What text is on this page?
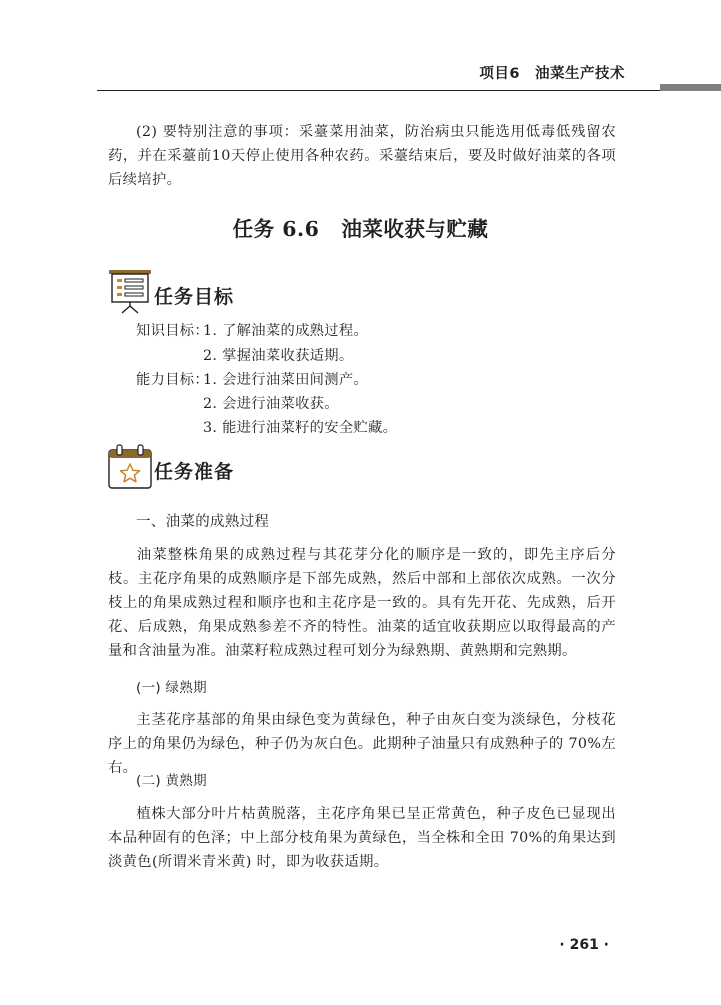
项目6　油菜生产技术
(2) 要特别注意的事项：采薹菜用油菜，防治病虫只能选用低毒低残留农药，并在采薹前10天停止使用各种农药。采薹结束后，要及时做好油菜的各项后续培护。
任务 6.6 油菜收获与贮藏
任务目标
知识目标：
1. 了解油菜的成熟过程。
2. 掌握油菜收获适期。
能力目标：
1. 会进行油菜田间测产。
2. 会进行油菜收获。
3. 能进行油菜籽的安全贮藏。
任务准备
一、油菜的成熟过程
油菜整株角果的成熟过程与其花芽分化的顺序是一致的，即先主序后分枝。主花序角果的成熟顺序是下部先成熟，然后中部和上部依次成熟。一次分枝上的角果成熟过程和顺序也和主花序是一致的。具有先开花、先成熟，后开花、后成熟，角果成熟参差不齐的特性。油菜的适宜收获期应以取得最高的产量和含油量为准。油菜籽粒成熟过程可划分为绿熟期、黄熟期和完熟期。
(一) 绿熟期
主茎花序基部的角果由绿色变为黄绿色，种子由灰白变为淡绿色，分枝花序上的角果仍为绿色，种子仍为灰白色。此期种子油量只有成熟种子的 70%左右。
(二) 黄熟期
植株大部分叶片枯黄脱落，主花序角果已呈正常黄色，种子皮色已显现出本品种固有的色泽；中上部分枝角果为黄绿色，当全株和全田 70%的角果达到淡黄色(所谓米青米黄) 时，即为收获适期。
· 261 ·
